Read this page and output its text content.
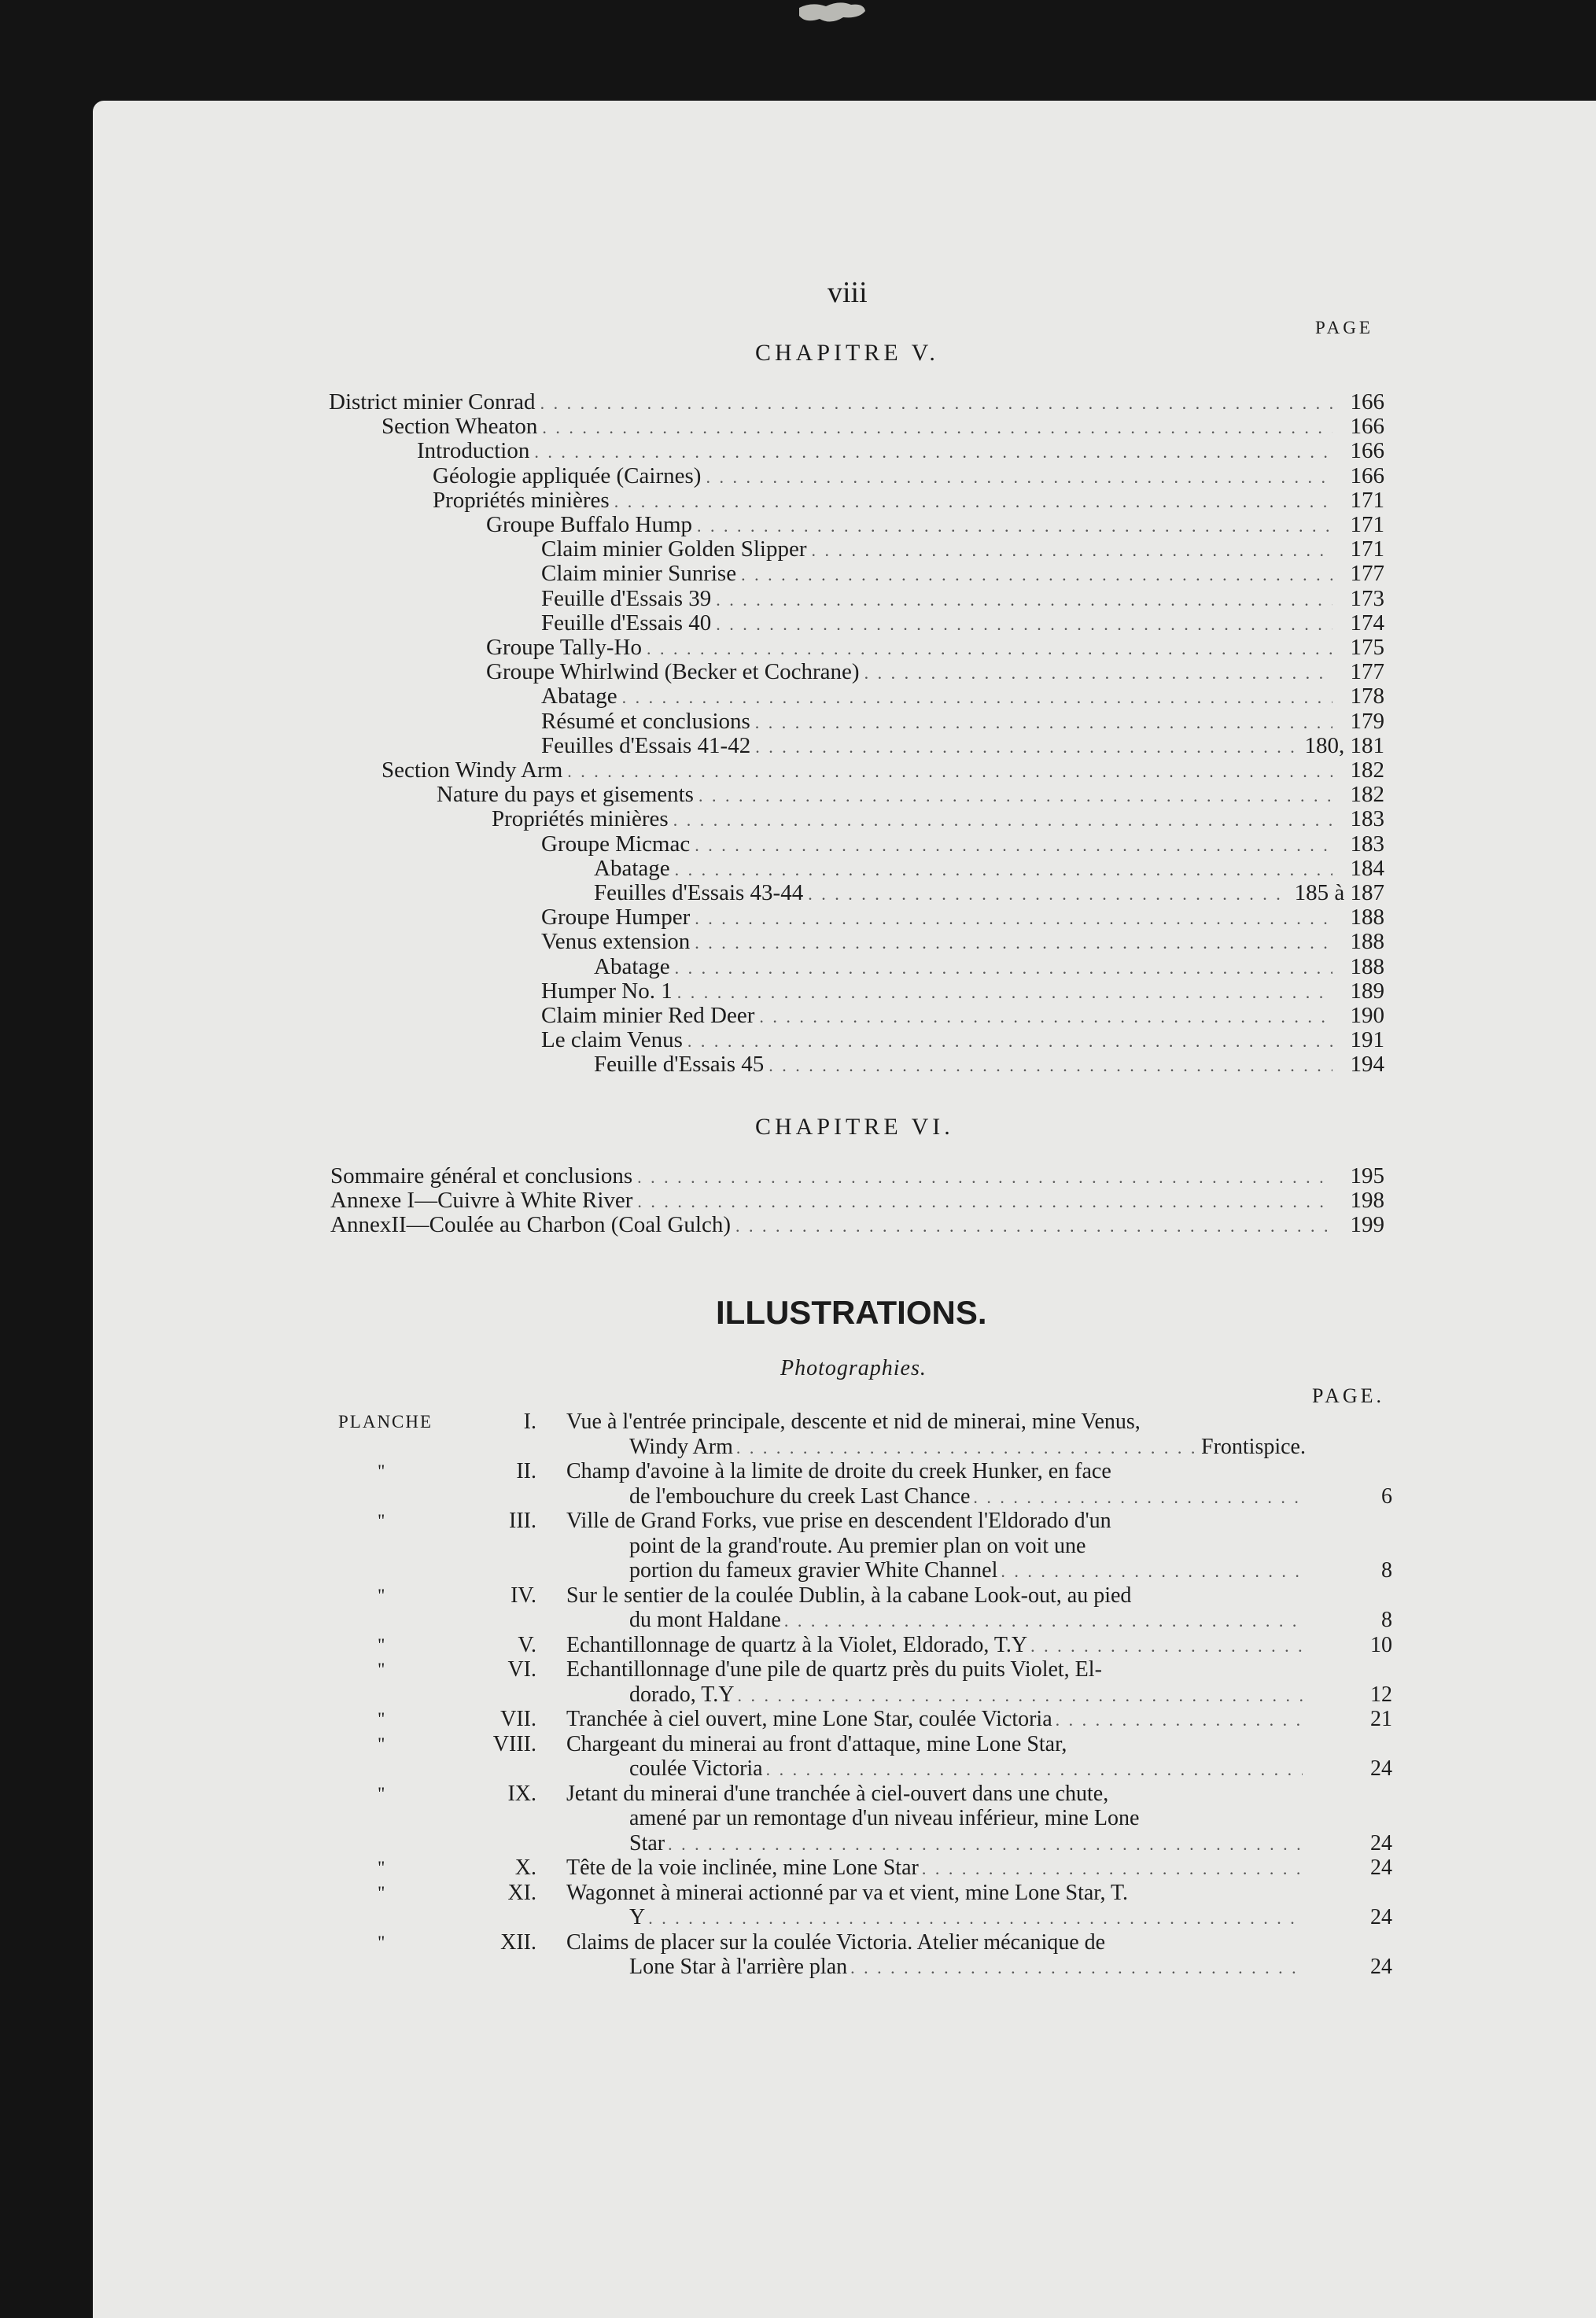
viii
PAGE
CHAPITRE V.
District minier Conrad . . .	166
Section Wheaton . . .	166
Introduction . . .	166
Géologie appliquée (Cairnes) . . .	166
Propriétés minières . . .	171
Groupe Buffalo Hump . . .	171
Claim minier Golden Slipper . . .	171
Claim minier Sunrise . . .	177
Feuille d'Essais 39 . . .	173
Feuille d'Essais 40 . . .	174
Groupe Tally-Ho . . .	175
Groupe Whirlwind (Becker et Cochrane) . . .	177
Abatage . . .	178
Résumé et conclusions . . .	179
Feuilles d'Essais 41-42 . . .	180, 181
Section Windy Arm . . .	182
Nature du pays et gisements . . .	182
Propriétés minières . . .	183
Groupe Micmac . . .	183
Abatage . . .	184
Feuilles d'Essais 43-44 . . .	185 à 187
Groupe Humper . . .	188
Venus extension . . .	188
Abatage . . .	188
Humper No. 1 . . .	189
Claim minier Red Deer . . .	190
Le claim Venus . . .	191
Feuille d'Essais 45 . . .	194
CHAPITRE VI.
Sommaire général et conclusions . . .	195
Annexe I—Cuivre à White River . . .	198
AnnexII—Coulée au Charbon (Coal Gulch) . . .	199
ILLUSTRATIONS.
Photographies.
PAGE.
PLANCHE	I. Vue à l'entrée principale, descente et nid de minerai, mine Venus,
Windy Arm . . .	Frontispice.
"	II. Champ d'avoine à la limite de droite du creek Hunker, en face
de l'embouchure du creek Last Chance . . .	6
"	III. Ville de Grand Forks, vue prise en descendent l'Eldorado d'un
point de la grand'route. Au premier plan on voit une
portion du fameux gravier White Channel . . .	8
"	IV. Sur le sentier de la coulée Dublin, à la cabane Look-out, au pied
du mont Haldane . . .	8
"	V. Echantillonnage de quartz à la Violet, Eldorado, T.Y . . .	10
"	VI. Echantillonnage d'une pile de quartz près du puits Violet, El-
dorado, T.Y . . .	12
"	VII. Tranchée à ciel ouvert, mine Lone Star, coulée Victoria . . .	21
"	VIII. Chargeant du minerai au front d'attaque, mine Lone Star,
coulée Victoria . . .	24
"	IX. Jetant du minerai d'une tranchée à ciel-ouvert dans une chute,
amené par un remontage d'un niveau inférieur, mine Lone
Star . . .	24
"	X. Tête de la voie inclinée, mine Lone Star . . .	24
"	XI. Wagonnet à minerai actionné par va et vient, mine Lone Star, T.
Y . . .	24
"	XII. Claims de placer sur la coulée Victoria. Atelier mécanique de
Lone Star à l'arrière plan . . .	24
